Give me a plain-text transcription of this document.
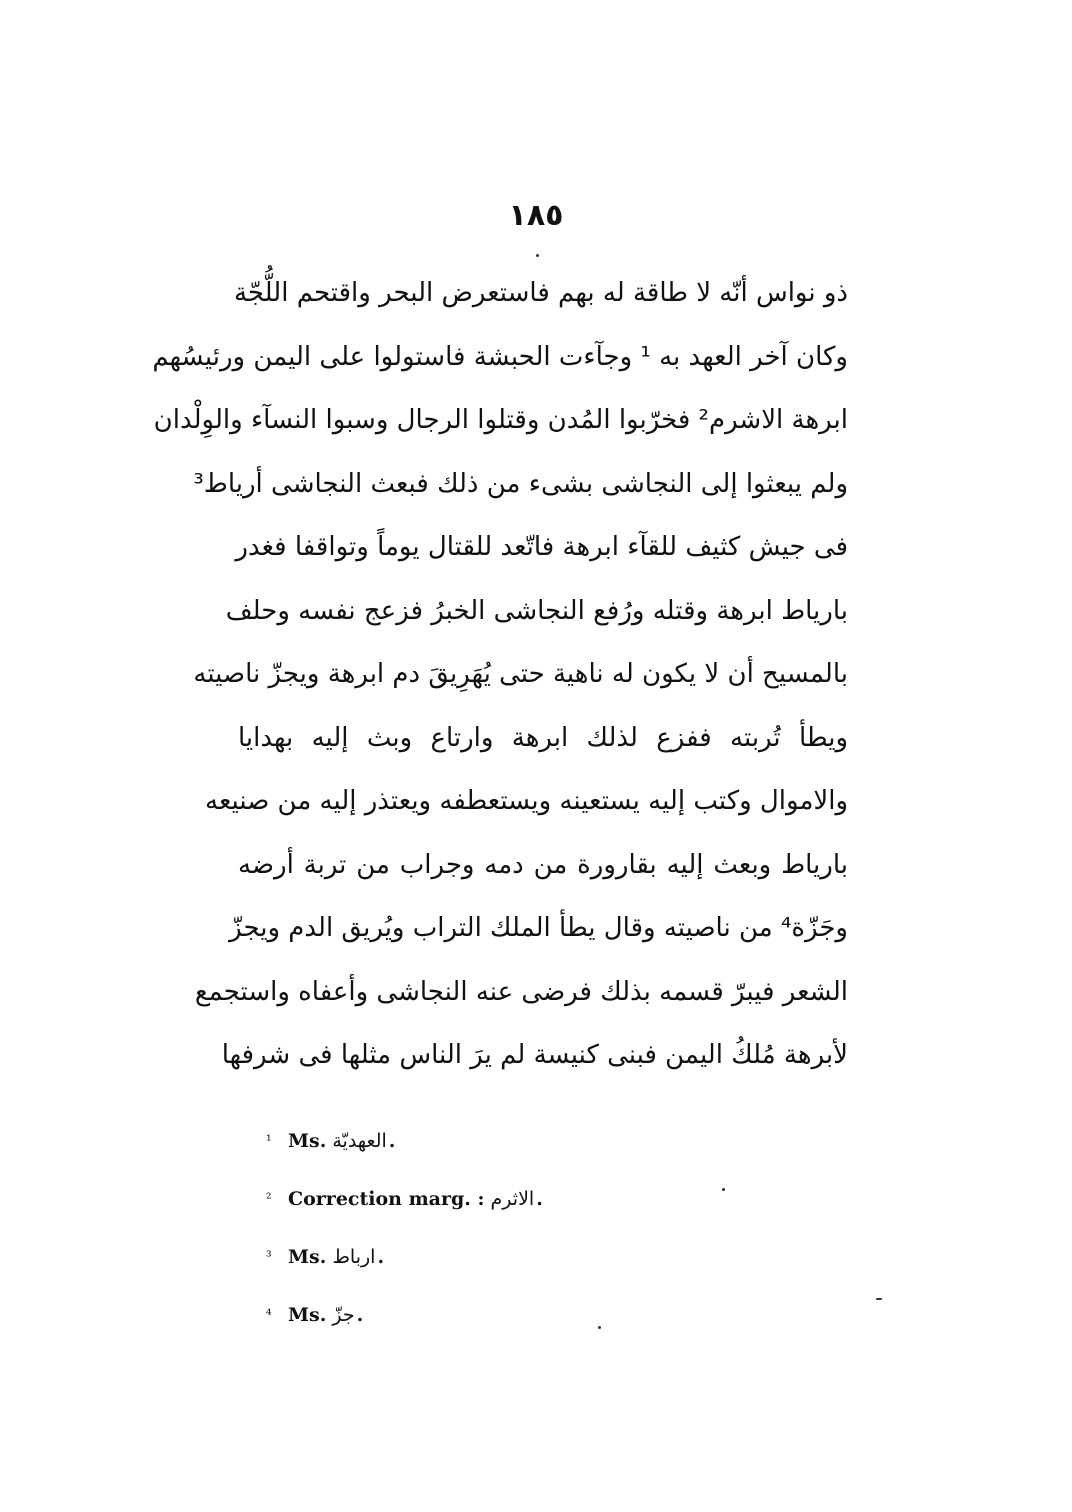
١٨٥
ذو نواس أنّه لا طاقة له بهم فاستعرض البحر واقتحم اللُّجّة
وكان آخر العهد به ¹ وجآءت الحبشة فاستولوا على اليمن ورئيسُهم
ابرهة الاشرم² فخرّبوا المُدن وقتلوا الرجال وسبوا النسآء والوِلْدان
ولم يبعثوا إلى النجاشى بشىء من ذلك فبعث النجاشى أرياط³
فى جيش كثيف للقآء ابرهة فاتّعد للقتال يوماً وتواقفا فغدر
بارياط ابرهة وقتله ورُفع النجاشى الخبرُ فزعج نفسه وحلف
بالمسيح أن لا يكون له ناهية حتى يُهَرِيقَ دم ابرهة ويجزّ ناصيته
ويطأ تُربته ففزع لذلك ابرهة وارتاع وبث إليه بهدايا
والاموال وكتب إليه يستعينه ويستعطفه ويعتذر إليه من صنيعه
بارياط وبعث إليه بقارورة من دمه وجراب من تربة أرضه
وجَزّة⁴ من ناصيته وقال يطأ الملك التراب ويُريق الدم ويجزّ
الشعر فيبرّ قسمه بذلك فرضى عنه النجاشى وأعفاه واستجمع
لأبرهة مُلكُ اليمن فبنى كنيسة لم يرَ الناس مثلها فى شرفها
¹ Ms. العهديّة .
² Correction marg. : الاثرم .
³ Ms. ارباط .
⁴ Ms. جزّ .
